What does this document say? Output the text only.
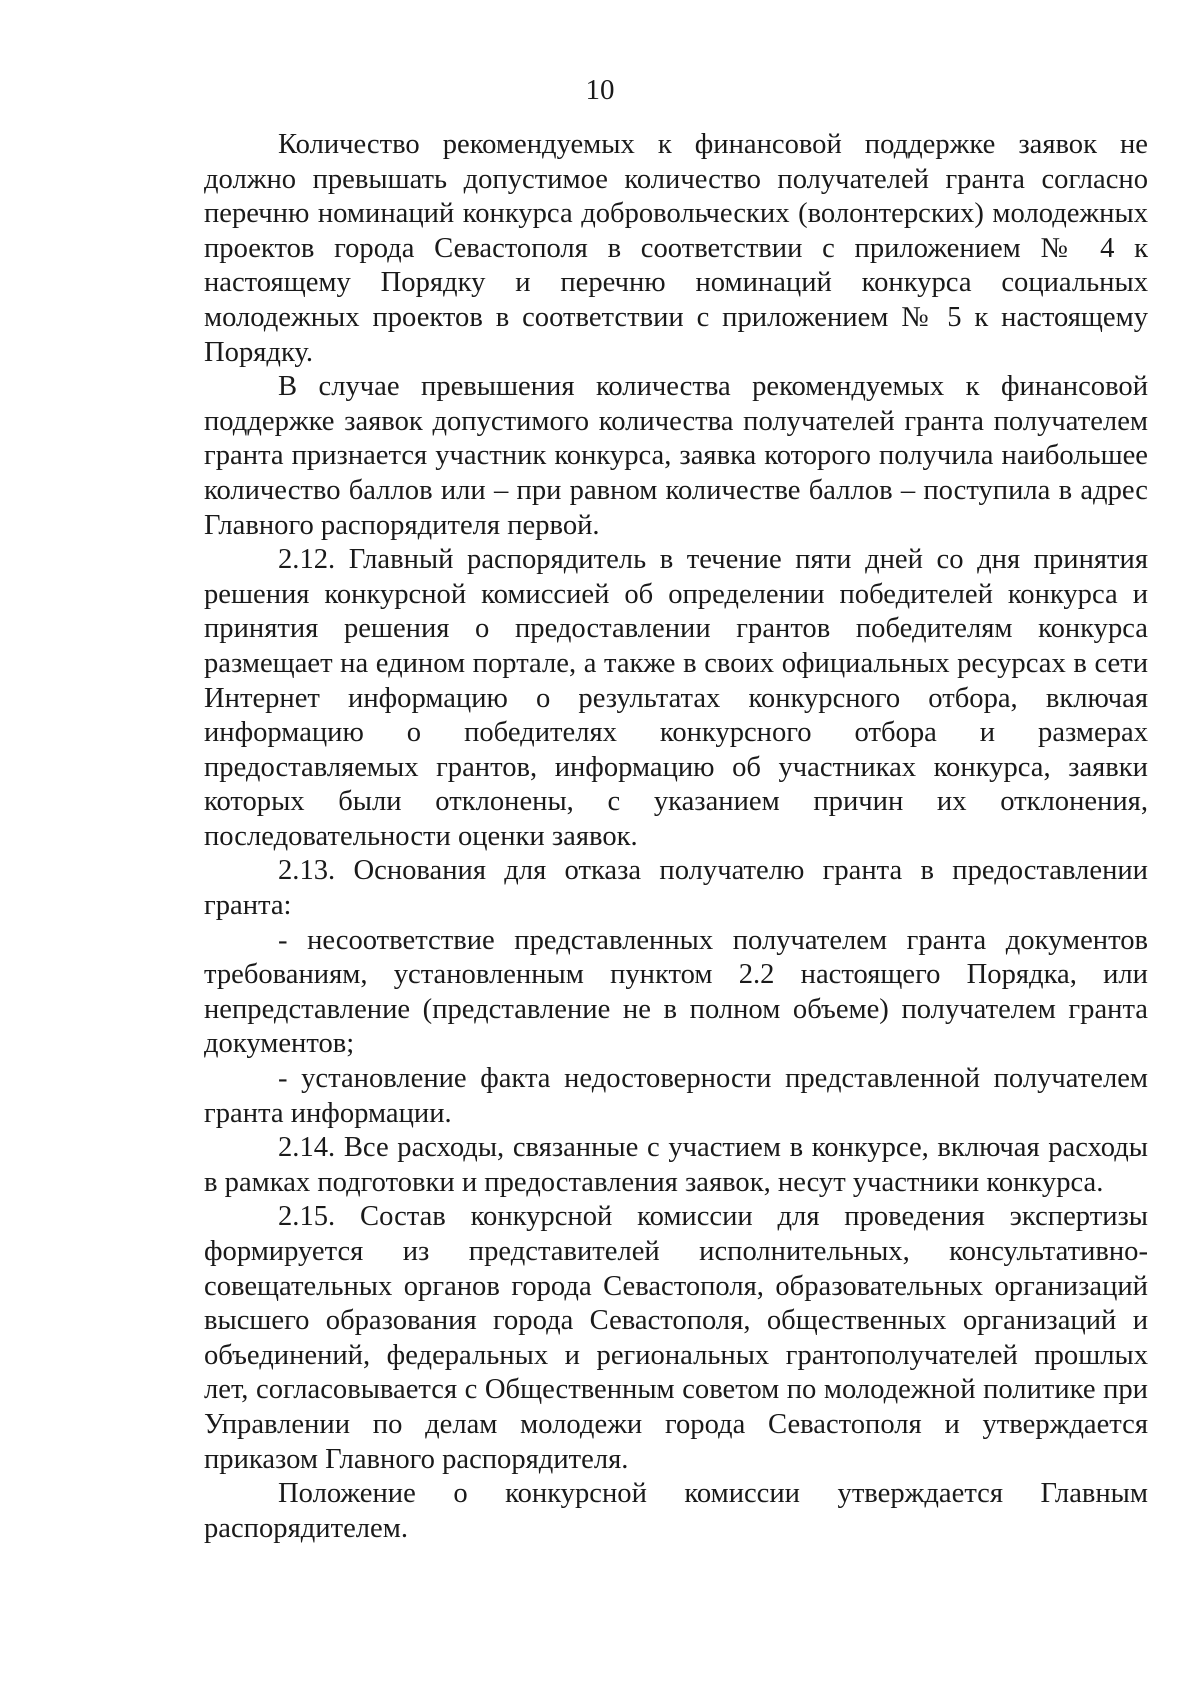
10

Количество рекомендуемых к финансовой поддержке заявок не должно превышать допустимое количество получателей гранта согласно перечню номинаций конкурса добровольческих (волонтерских) молодежных проектов города Севастополя в соответствии с приложением № 4 к настоящему Порядку и перечню номинаций конкурса социальных молодежных проектов в соответствии с приложением № 5 к настоящему Порядку.

В случае превышения количества рекомендуемых к финансовой поддержке заявок допустимого количества получателей гранта получателем гранта признается участник конкурса, заявка которого получила наибольшее количество баллов или – при равном количестве баллов – поступила в адрес Главного распорядителя первой.

2.12. Главный распорядитель в течение пяти дней со дня принятия решения конкурсной комиссией об определении победителей конкурса и принятия решения о предоставлении грантов победителям конкурса размещает на едином портале, а также в своих официальных ресурсах в сети Интернет информацию о результатах конкурсного отбора, включая информацию о победителях конкурсного отбора и размерах предоставляемых грантов, информацию об участниках конкурса, заявки которых были отклонены, с указанием причин их отклонения, последовательности оценки заявок.

2.13. Основания для отказа получателю гранта в предоставлении гранта:

- несоответствие представленных получателем гранта документов требованиям, установленным пунктом 2.2 настоящего Порядка, или непредставление (представление не в полном объеме) получателем гранта документов;

- установление факта недостоверности представленной получателем гранта информации.

2.14. Все расходы, связанные с участием в конкурсе, включая расходы в рамках подготовки и предоставления заявок, несут участники конкурса.

2.15. Состав конкурсной комиссии для проведения экспертизы формируется из представителей исполнительных, консультативно-совещательных органов города Севастополя, образовательных организаций высшего образования города Севастополя, общественных организаций и объединений, федеральных и региональных грантополучателей прошлых лет, согласовывается с Общественным советом по молодежной политике при Управлении по делам молодежи города Севастополя и утверждается приказом Главного распорядителя.

Положение о конкурсной комиссии утверждается Главным распорядителем.
